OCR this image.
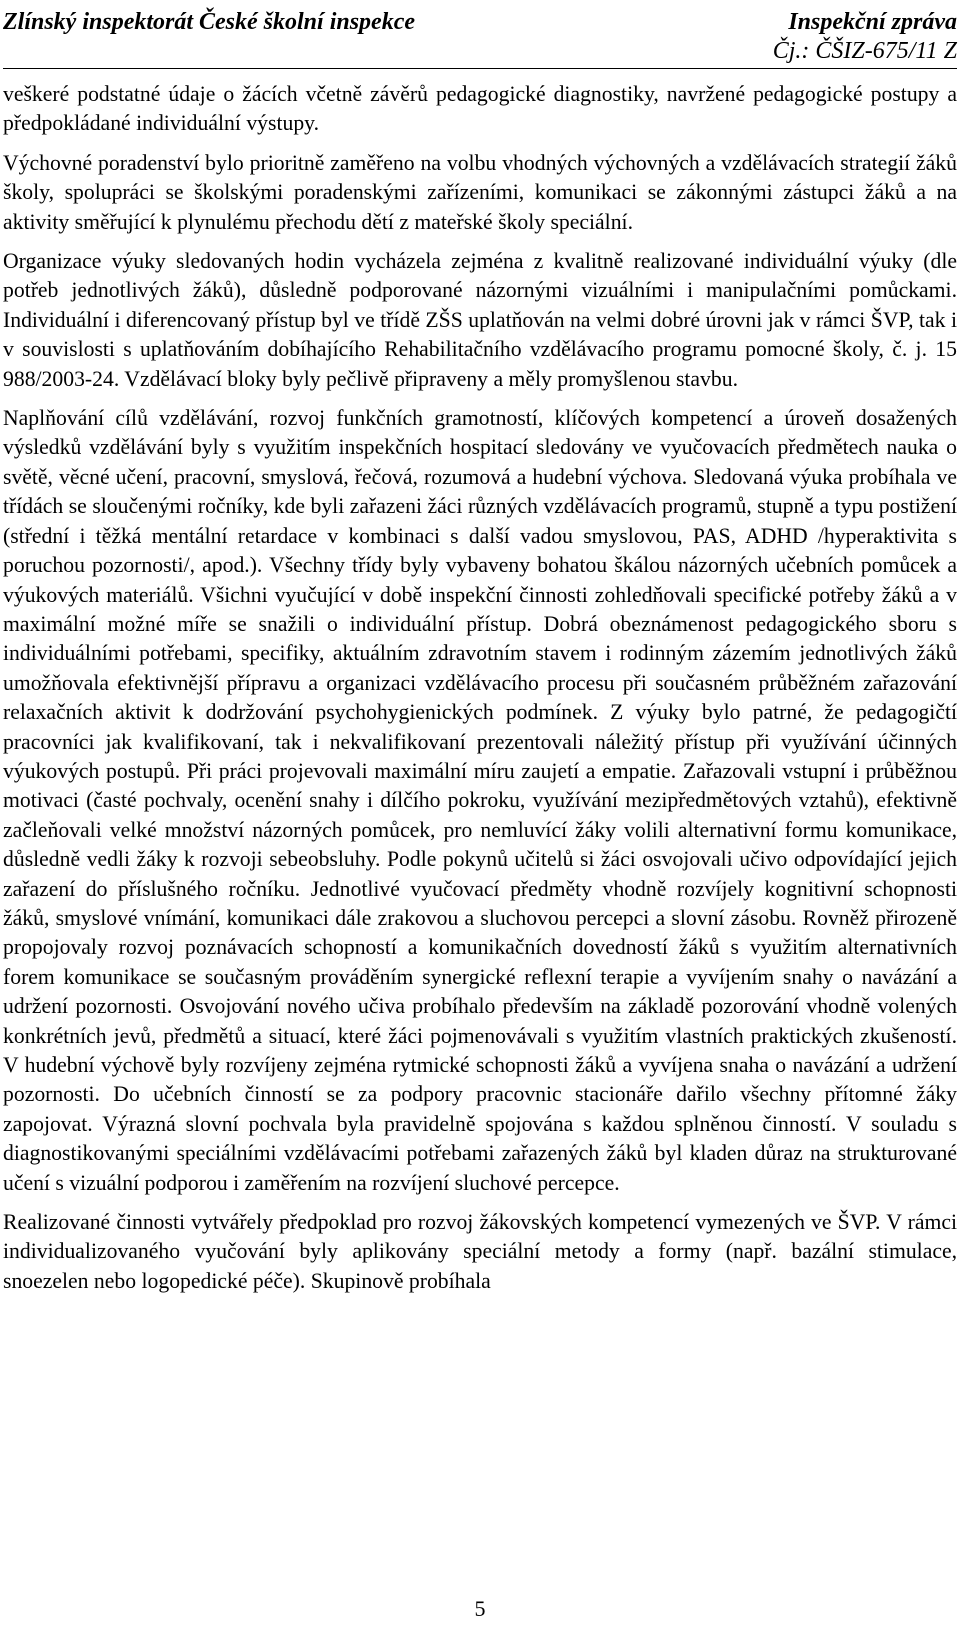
Zlínský inspektorát České školní inspekce	Inspekční zpráva
Čj.: ČŠIZ-675/11 Z

veškeré podstatné údaje o žácích včetně závěrů pedagogické diagnostiky, navržené pedagogické postupy a předpokládané individuální výstupy.

Výchovné poradenství bylo prioritně zaměřeno na volbu vhodných výchovných a vzdělávacích strategií žáků školy, spolupráci se školskými poradenskými zařízeními, komunikaci se zákonnými zástupci žáků a na aktivity směřující k plynulému přechodu dětí z mateřské školy speciální.

Organizace výuky sledovaných hodin vycházela zejména z kvalitně realizované individuální výuky (dle potřeb jednotlivých žáků), důsledně podporované názornými vizuálními i manipulačními pomůckami. Individuální i diferencovaný přístup byl ve třídě ZŠS uplatňován na velmi dobré úrovni jak v rámci ŠVP, tak i v souvislosti s uplatňováním dobíhajícího Rehabilitačního vzdělávacího programu pomocné školy, č. j. 15 988/2003-24. Vzdělávací bloky byly pečlivě připraveny a měly promyšlenou stavbu.

Naplňování cílů vzdělávání, rozvoj funkčních gramotností, klíčových kompetencí a úroveň dosažených výsledků vzdělávání byly s využitím inspekčních hospitací sledovány ve vyučovacích předmětech nauka o světě, věcné učení, pracovní, smyslová, řečová, rozumová a hudební výchova. Sledovaná výuka probíhala ve třídách se sloučenými ročníky, kde byli zařazeni žáci různých vzdělávacích programů, stupně a typu postižení (střední i těžká mentální retardace v kombinaci s další vadou smyslovou, PAS, ADHD /hyperaktivita s poruchou pozornosti/, apod.). Všechny třídy byly vybaveny bohatou škálou názorných učebních pomůcek a výukových materiálů. Všichni vyučující v době inspekční činnosti zohledňovali specifické potřeby žáků a v maximální možné míře se snažili o individuální přístup. Dobrá obeznámenost pedagogického sboru s individuálními potřebami, specifiky, aktuálním zdravotním stavem i rodinným zázemím jednotlivých žáků umožňovala efektivnější přípravu a organizaci vzdělávacího procesu při současném průběžném zařazování relaxačních aktivit k dodržování psychohygienických podmínek. Z výuky bylo patrné, že pedagogičtí pracovníci jak kvalifikovaní, tak i nekvalifikovaní prezentovali náležitý přístup při využívání účinných výukových postupů. Při práci projevovali maximální míru zaujetí a empatie. Zařazovali vstupní i průběžnou motivaci (časté pochvaly, ocenění snahy i dílčího pokroku, využívání mezipředmětových vztahů), efektivně začleňovali velké množství názorných pomůcek, pro nemluvící žáky volili alternativní formu komunikace, důsledně vedli žáky k rozvoji sebeobsluhy. Podle pokynů učitelů si žáci osvojovali učivo odpovídající jejich zařazení do příslušného ročníku. Jednotlivé vyučovací předměty vhodně rozvíjely kognitivní schopnosti žáků, smyslové vnímání, komunikaci dále zrakovou a sluchovou percepci a slovní zásobu. Rovněž přirozeně propojovaly rozvoj poznávacích schopností a komunikačních dovedností žáků s využitím alternativních forem komunikace se současným prováděním synergické reflexní terapie a vyvíjením snahy o navázání a udržení pozornosti. Osvojování nového učiva probíhalo především na základě pozorování vhodně volených konkrétních jevů, předmětů a situací, které žáci pojmenovávali s využitím vlastních praktických zkušeností. V hudební výchově byly rozvíjeny zejména rytmické schopnosti žáků a vyvíjena snaha o navázání a udržení pozornosti. Do učebních činností se za podpory pracovnic stacionáře dařilo všechny přítomné žáky zapojovat. Výrazná slovní pochvala byla pravidelně spojována s každou splněnou činností. V souladu s diagnostikovanými speciálními vzdělávacími potřebami zařazených žáků byl kladen důraz na strukturované učení s vizuální podporou i zaměřením na rozvíjení sluchové percepce.

Realizované činnosti vytvářely předpoklad pro rozvoj žákovských kompetencí vymezených ve ŠVP. V rámci individualizovaného vyučování byly aplikovány speciální metody a formy (např. bazální stimulace, snoezelen nebo logopedické péče). Skupinově probíhala

5
